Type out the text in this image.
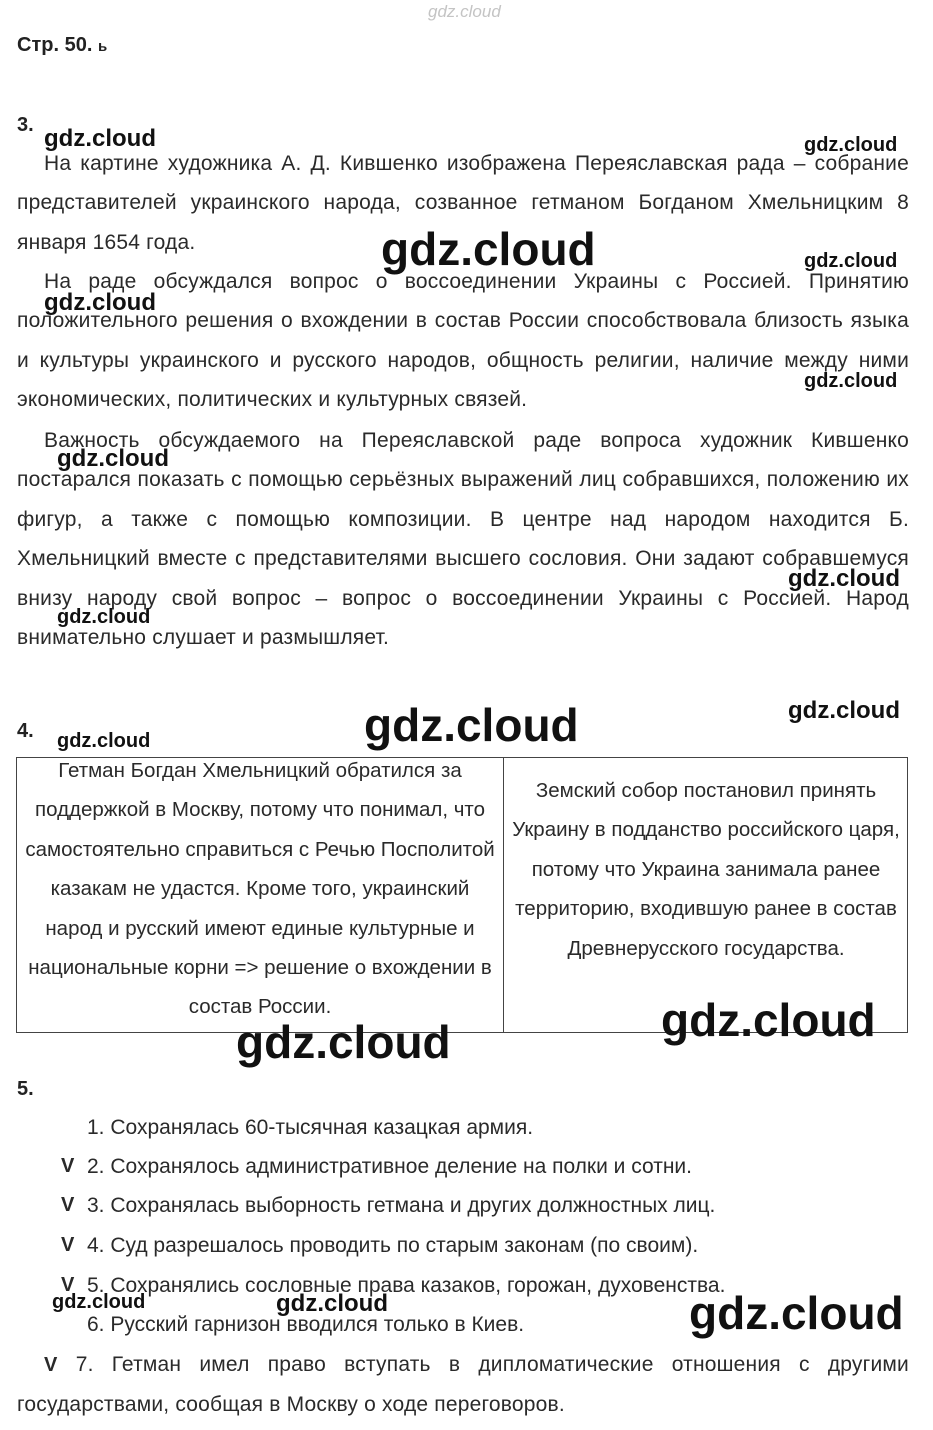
gdz.cloud
Стр. 50. ь
3.
На картине художника А. Д. Кившенко изображена Переяславская рада – собрание представителей украинского народа, созванное гетманом Богданом Хмельницким 8 января 1654 года.
На раде обсуждался вопрос о воссоединении Украины с Россией. Принятию положительного решения о вхождении в состав России способствовала близость языка и культуры украинского и русского народов, общность религии, наличие между ними экономических, политических и культурных связей.
Важность обсуждаемого на Переяславской раде вопроса художник Кившенко постарался показать с помощью серьёзных выражений лиц собравшихся, положению их фигур, а также с помощью композиции. В центре над народом находится Б. Хмельницкий вместе с представителями высшего сословия. Они задают собравшемуся внизу народу свой вопрос – вопрос о воссоединении Украины с Россией. Народ внимательно слушает и размышляет.
4.
Гетман Богдан Хмельницкий обратился за поддержкой в Москву, потому что понимал, что самостоятельно справиться с Речью Посполитой казакам не удастся. Кроме того, украинский народ и русский имеют единые культурные и национальные корни => решение о вхождении в состав России.
Земский собор постановил принять Украину в подданство российского царя, потому что Украина занимала ранее территорию, входившую ранее в состав Древнерусского государства.
5.
1. Сохранялась 60-тысячная казацкая армия.
V 2. Сохранялось административное деление на полки и сотни.
V 3. Сохранялась выборность гетмана и других должностных лиц.
V 4. Суд разрешалось проводить по старым законам (по своим).
V 5. Сохранялись сословные права казаков, горожан, духовенства.
6. Русский гарнизон вводился только в Киев.
V 7. Гетман имел право вступать в дипломатические отношения с другими государствами, сообщая в Москву о ходе переговоров.
gdz.cloud	gdz.cloud
gdz.cloud	gdz.cloud
gdz.cloud
gdz.cloud
gdz.cloud
gdz.cloud
gdz.cloud
gdz.cloud	gdz.cloud
gdz.cloud
gdz.cloud
gdz.cloud
gdz.cloud	gdz.cloud	gdz.cloud
